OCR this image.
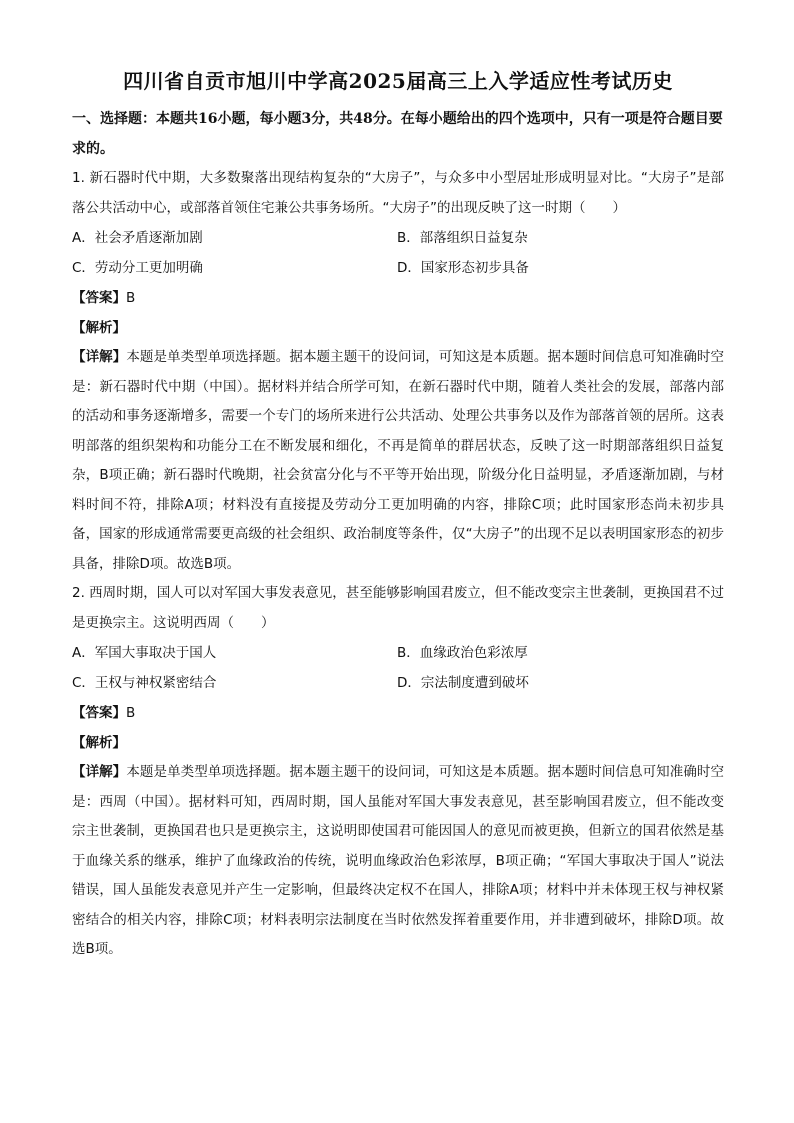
四川省自贡市旭川中学高2025届高三上入学适应性考试历史

一、选择题：本题共16小题，每小题3分，共48分。在每小题给出的四个选项中，只有一项是符合题目要求的。

1. 新石器时代中期，大多数聚落出现结构复杂的“大房子”，与众多中小型居址形成明显对比。“大房子”是部落公共活动中心，或部落首领住宅兼公共事务场所。“大房子”的出现反映了这一时期（　　）

A．社会矛盾逐渐加剧	B．部落组织日益复杂
C．劳动分工更加明确	D．国家形态初步具备

【答案】B

【解析】

【详解】本题是单类型单项选择题。据本题主题干的设问词，可知这是本质题。据本题时间信息可知准确时空是：新石器时代中期（中国）。据材料并结合所学可知，在新石器时代中期，随着人类社会的发展，部落内部的活动和事务逐渐增多，需要一个专门的场所来进行公共活动、处理公共事务以及作为部落首领的居所。这表明部落的组织架构和功能分工在不断发展和细化，不再是简单的群居状态，反映了这一时期部落组织日益复杂，B项正确；新石器时代晚期，社会贫富分化与不平等开始出现，阶级分化日益明显，矛盾逐渐加剧，与材料时间不符，排除A项；材料没有直接提及劳动分工更加明确的内容，排除C项；此时国家形态尚未初步具备，国家的形成通常需要更高级的社会组织、政治制度等条件，仅“大房子”的出现不足以表明国家形态的初步具备，排除D项。故选B项。

2. 西周时期，国人可以对军国大事发表意见，甚至能够影响国君废立，但不能改变宗主世袭制，更换国君不过是更换宗主。这说明西周（　　）

A．军国大事取决于国人	B．血缘政治色彩浓厚
C．王权与神权紧密结合	D．宗法制度遭到破坏

【答案】B

【解析】

【详解】本题是单类型单项选择题。据本题主题干的设问词，可知这是本质题。据本题时间信息可知准确时空是：西周（中国）。据材料可知，西周时期，国人虽能对军国大事发表意见，甚至影响国君废立，但不能改变宗主世袭制，更换国君也只是更换宗主，这说明即使国君可能因国人的意见而被更换，但新立的国君依然是基于血缘关系的继承，维护了血缘政治的传统，说明血缘政治色彩浓厚，B项正确；“军国大事取决于国人”说法错误，国人虽能发表意见并产生一定影响，但最终决定权不在国人，排除A项；材料中并未体现王权与神权紧密结合的相关内容，排除C项；材料表明宗法制度在当时依然发挥着重要作用，并非遭到破坏，排除D项。故选B项。
